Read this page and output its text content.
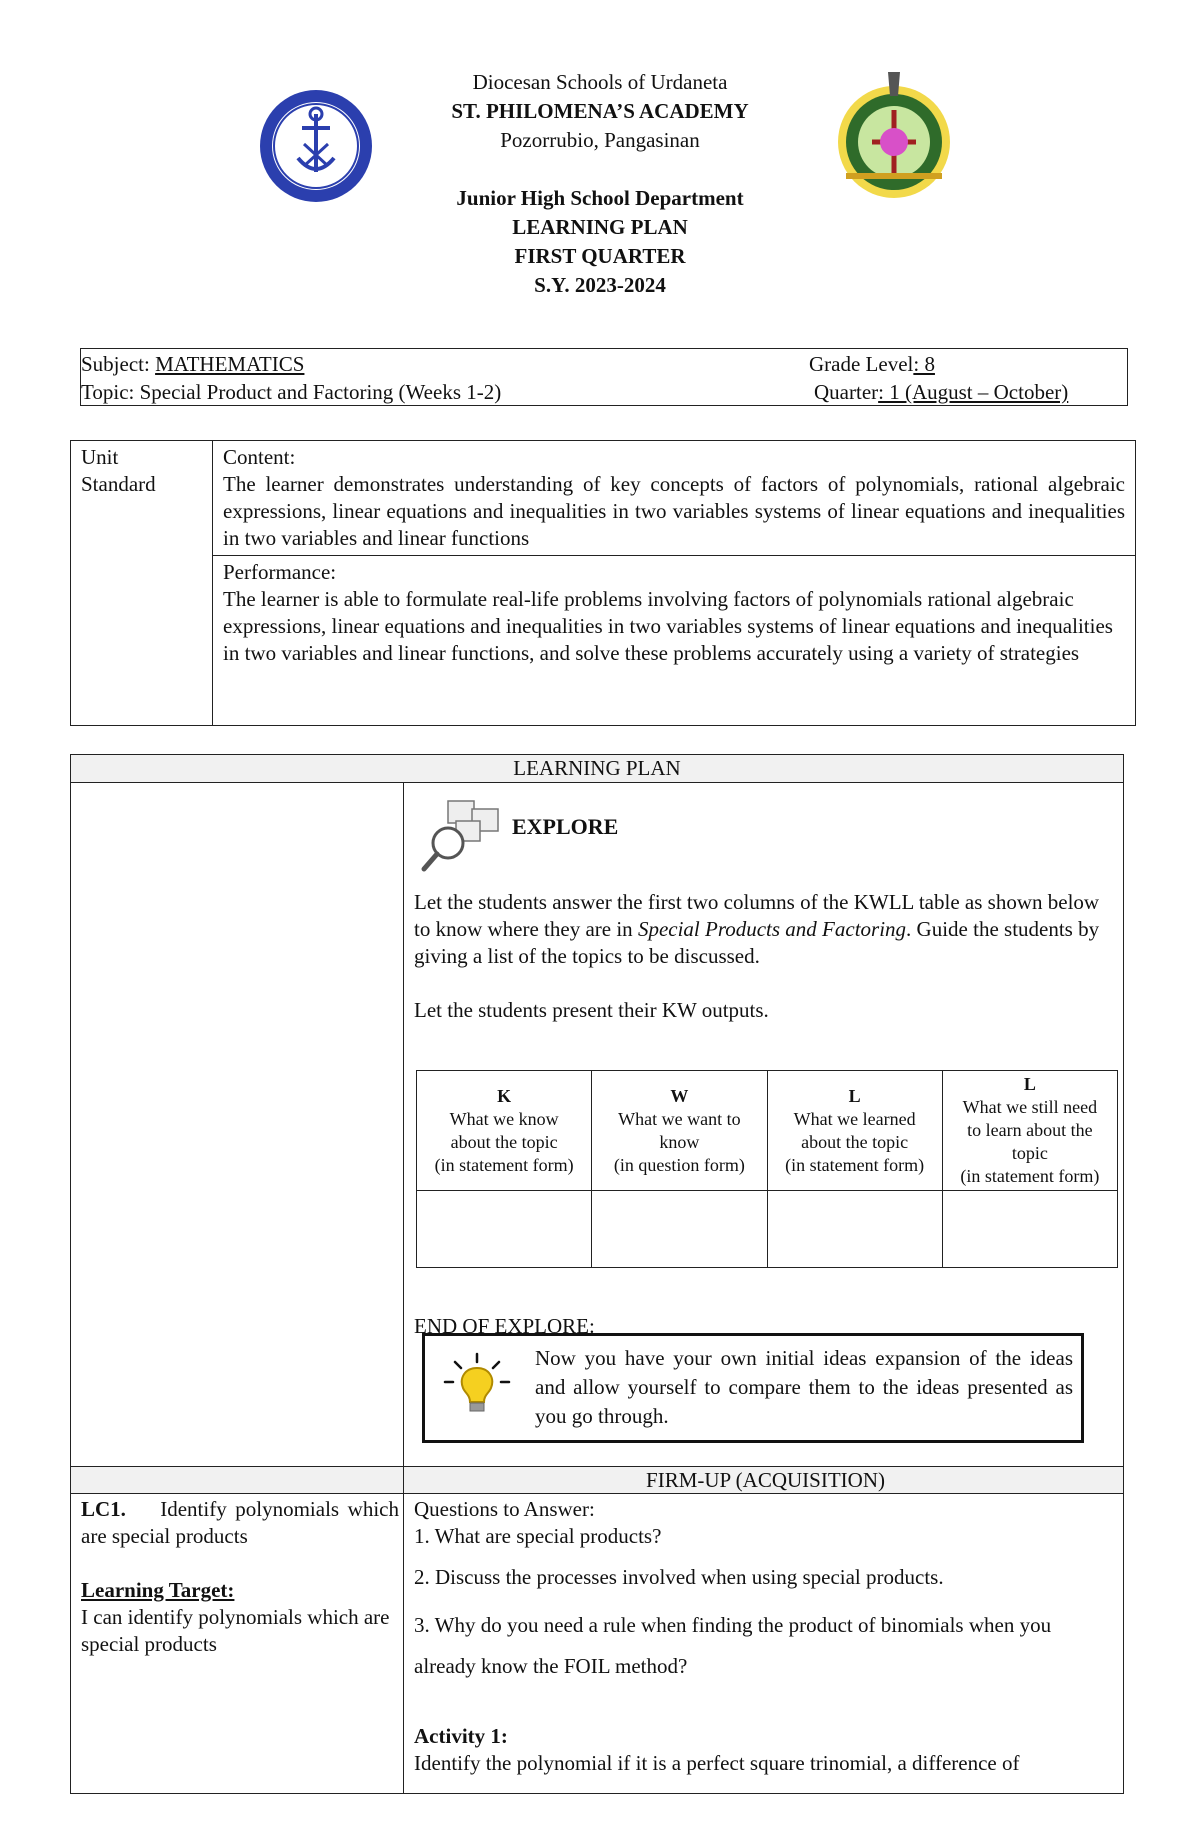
Diocesan Schools of Urdaneta
ST. PHILOMENA’S ACADEMY
Pozorrubio, Pangasinan
Junior High School Department
LEARNING PLAN
FIRST QUARTER
S.Y. 2023-2024
Subject: MATHEMATICS	Grade Level: 8
Topic: Special Product and Factoring (Weeks 1-2)	Quarter: 1 (August – October)
Unit
Standard

Content:
The learner demonstrates understanding of key concepts of factors of polynomials, rational algebraic expressions, linear equations and inequalities in two variables systems of linear equations and inequalities in two variables and linear functions

Performance:
The learner is able to formulate real-life problems involving factors of polynomials rational algebraic expressions, linear equations and inequalities in two variables systems of linear equations and inequalities in two variables and linear functions, and solve these problems accurately using a variety of strategies
LEARNING PLAN
EXPLORE
Let the students answer the first two columns of the KWLL table as shown below to know where they are in Special Products and Factoring. Guide the students by giving a list of the topics to be discussed.
Let the students present their KW outputs.
K
What we know
about the topic
(in statement form)	W
What we want to
know
(in question form)	L
What we learned
about the topic
(in statement form)	L
What we still need
to learn about the
topic
(in statement form)

END OF EXPLORE:
Now you have your own initial ideas expansion of the ideas and allow yourself to compare them to the ideas presented as you go through.
FIRM-UP (ACQUISITION)
LC1. Identify polynomials which are special products
Learning Target:
I can identify polynomials which are special products
Questions to Answer:
1. What are special products?
2. Discuss the processes involved when using special products.
3. Why do you need a rule when finding the product of binomials when you already know the FOIL method?
Activity 1:
Identify the polynomial if it is a perfect square trinomial, a difference of
